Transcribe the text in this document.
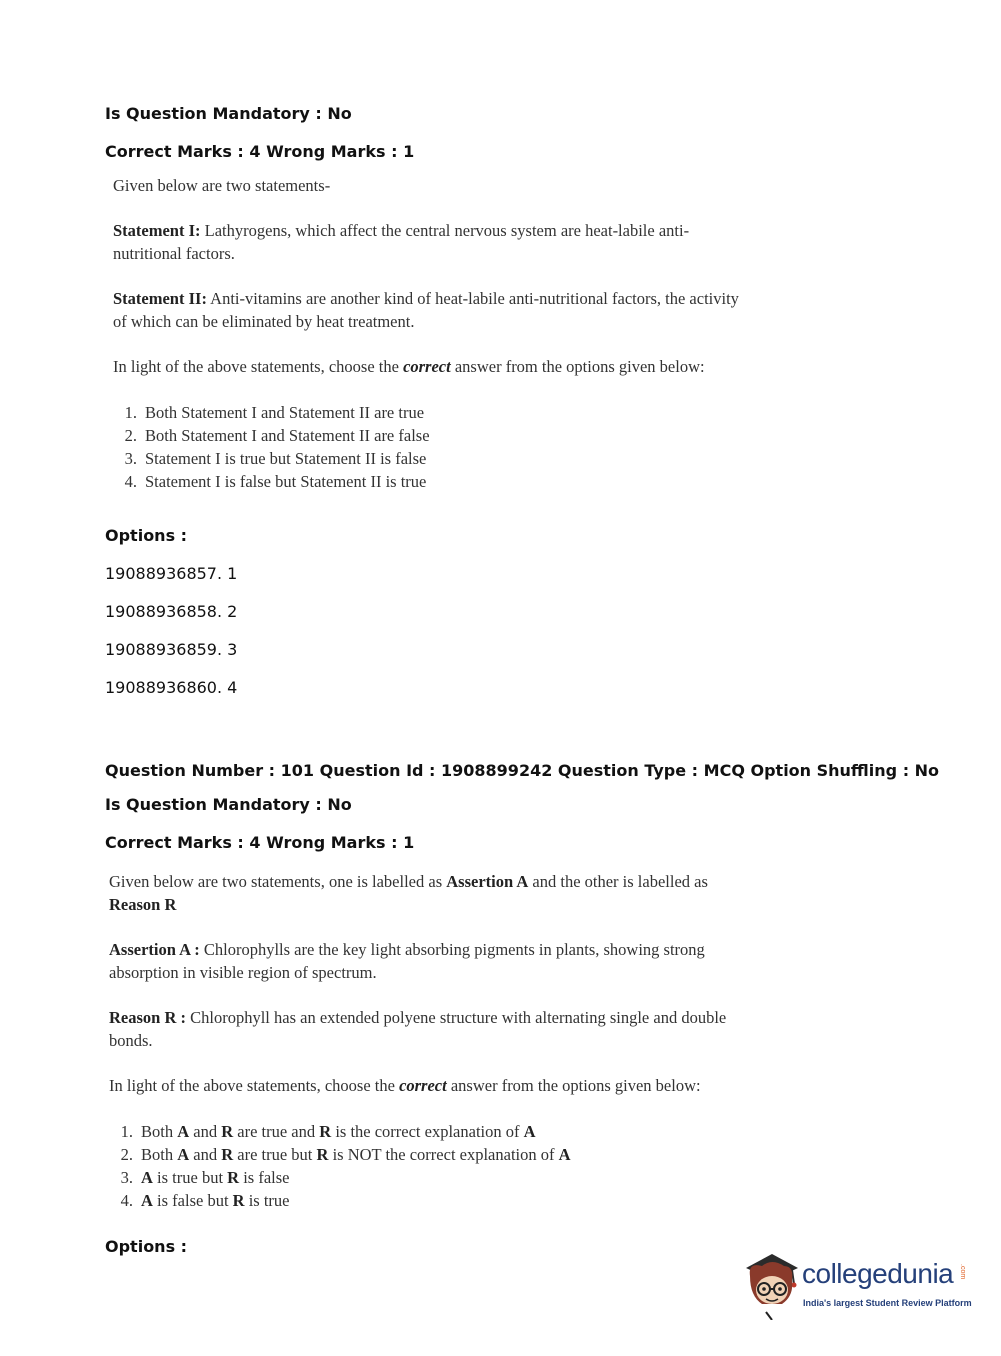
Is Question Mandatory : No

Correct Marks : 4 Wrong Marks : 1

Given below are two statements-

Statement I: Lathyrogens, which affect the central nervous system are heat-labile anti-
nutritional factors.

Statement II: Anti-vitamins are another kind of heat-labile anti-nutritional factors, the activity
of which can be eliminated by heat treatment.

In light of the above statements, choose the correct answer from the options given below:

1. Both Statement I and Statement II are true
2. Both Statement I and Statement II are false
3. Statement I is true but Statement II is false
4. Statement I is false but Statement II is true

Options :

19088936857. 1

19088936858. 2

19088936859. 3

19088936860. 4

Question Number : 101 Question Id : 1908899242 Question Type : MCQ Option Shuffling : No

Is Question Mandatory : No

Correct Marks : 4 Wrong Marks : 1

Given below are two statements, one is labelled as Assertion A and the other is labelled as
Reason R

Assertion A : Chlorophylls are the key light absorbing pigments in plants, showing strong
absorption in visible region of spectrum.

Reason R : Chlorophyll has an extended polyene structure with alternating single and double
bonds.

In light of the above statements, choose the correct answer from the options given below:

1. Both A and R are true and R is the correct explanation of A
2. Both A and R are true but R is NOT the correct explanation of A
3. A is true but R is false
4. A is false but R is true

Options :

collegedunia .com
India's largest Student Review Platform
